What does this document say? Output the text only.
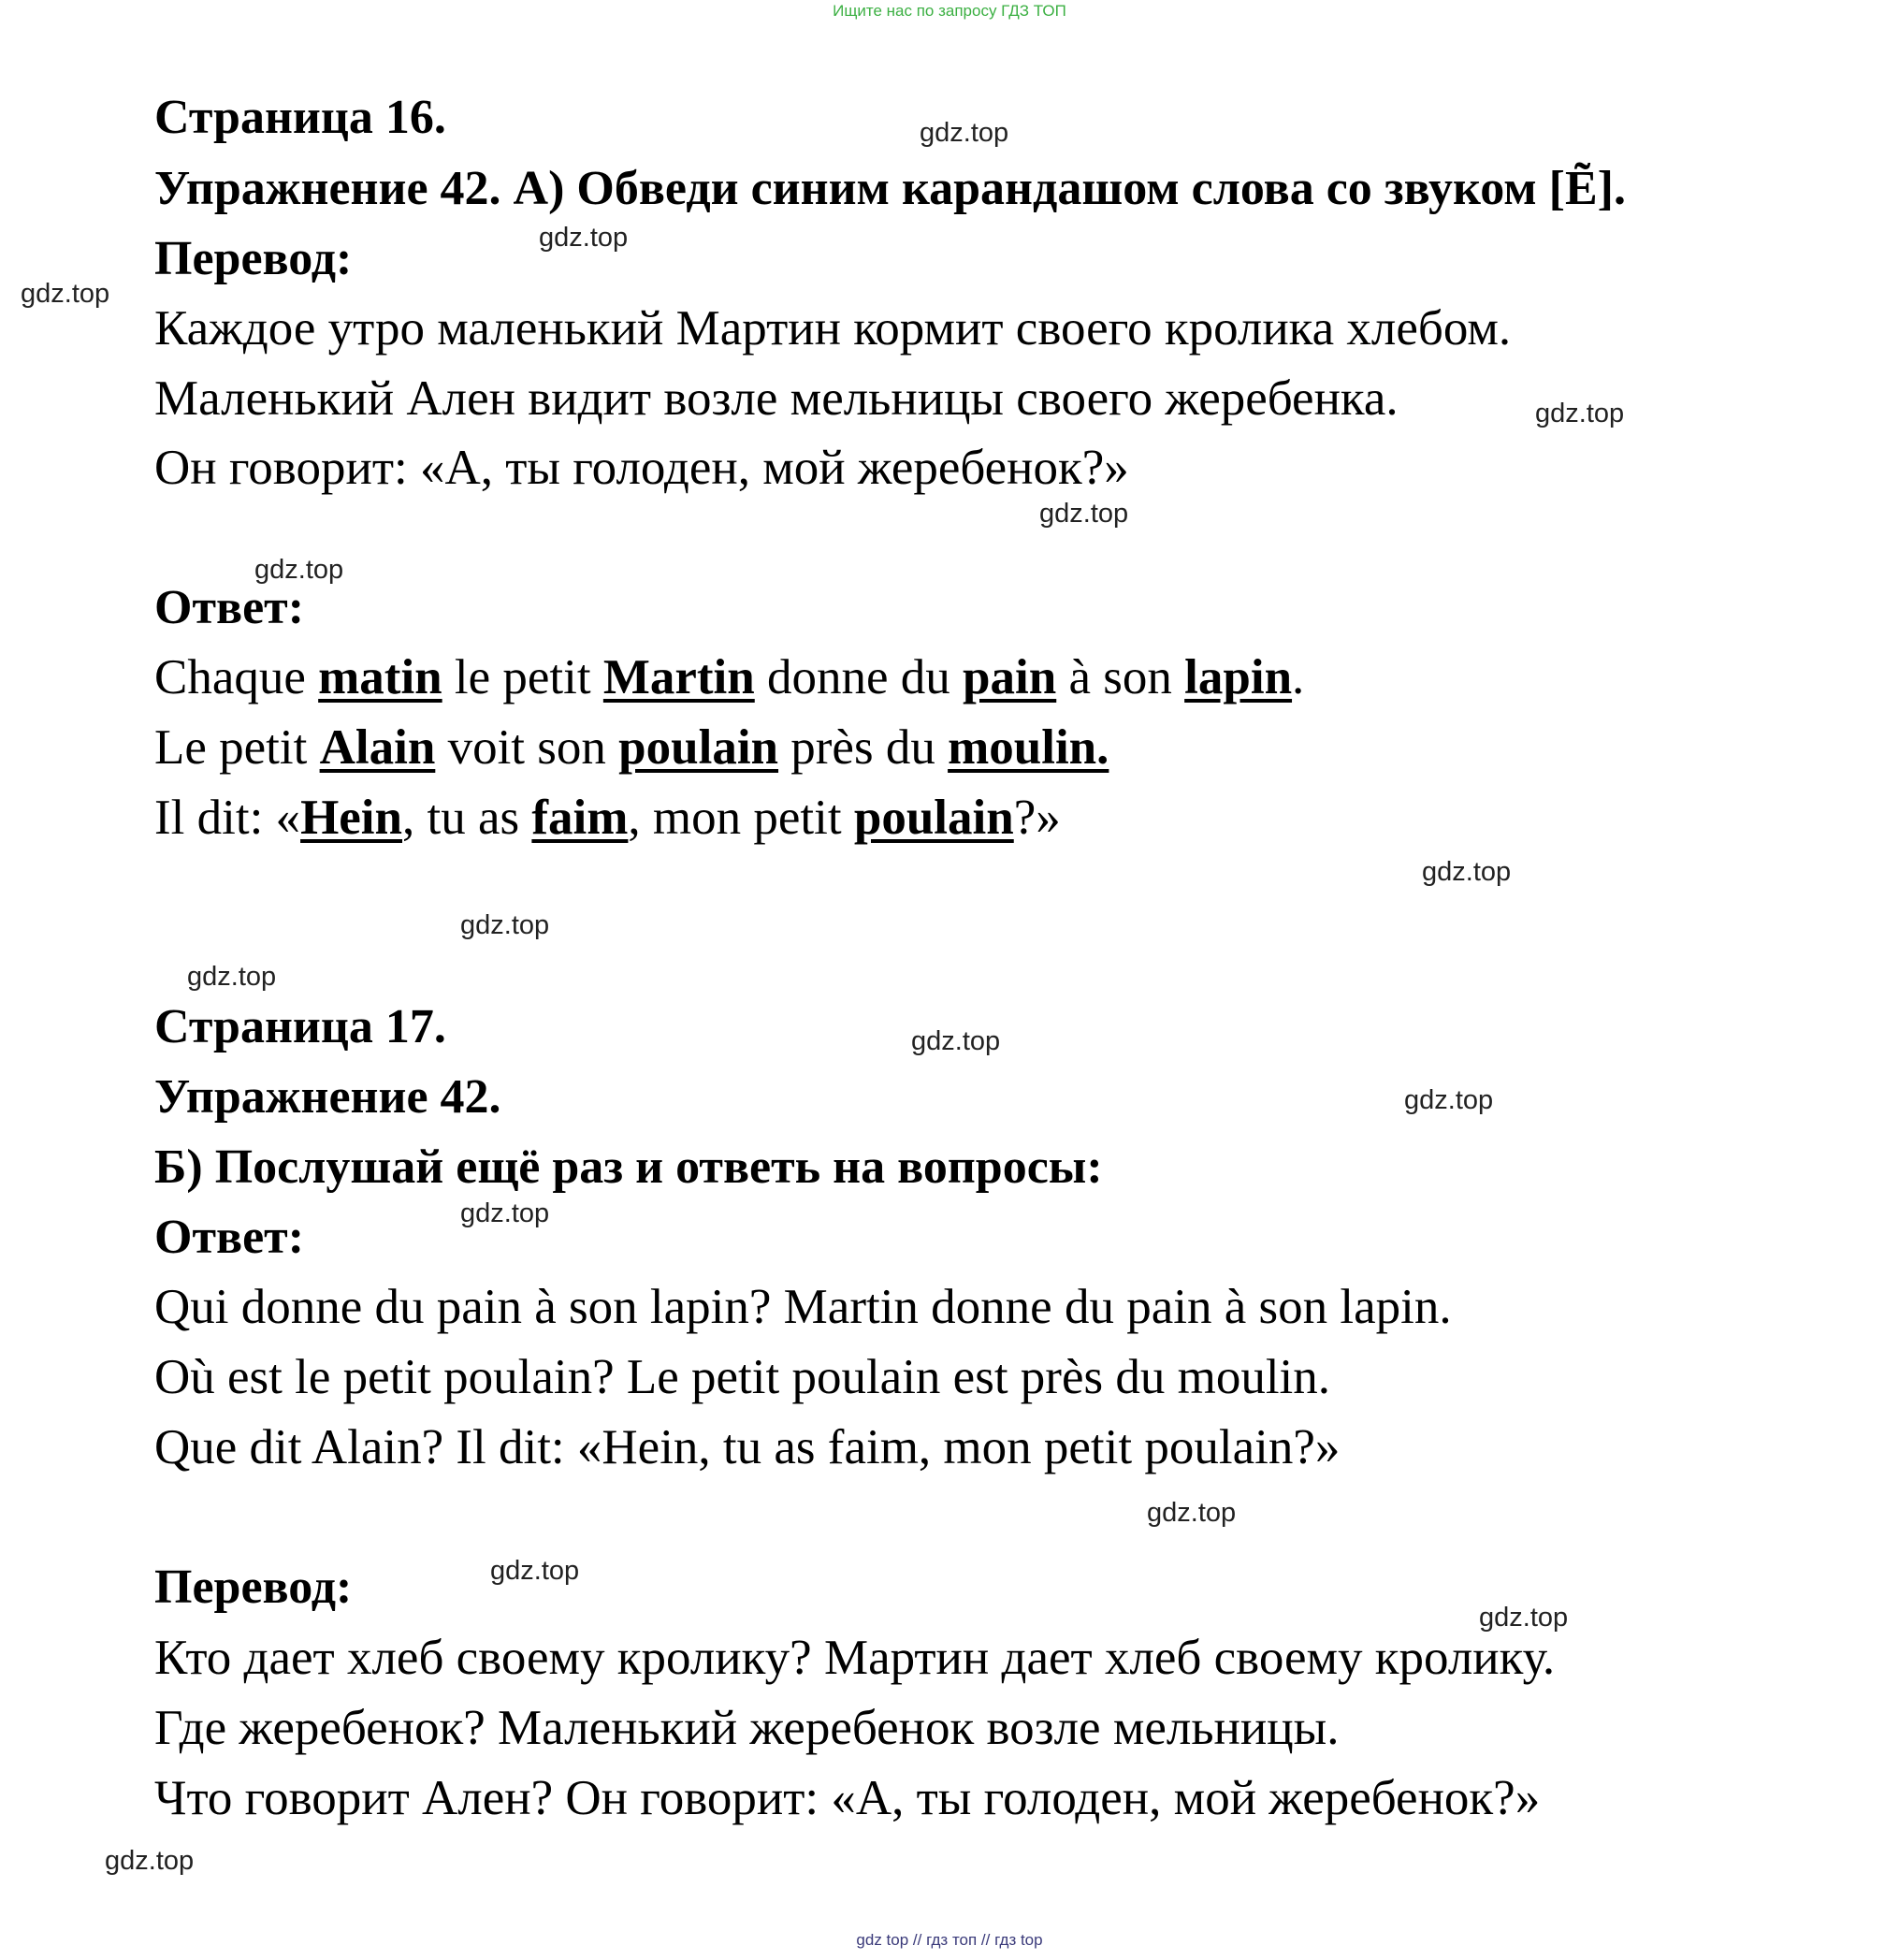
Ищите нас по запросу ГДЗ ТОП
Страница 16.
Упражнение 42. А) Обведи синим карандашом слова со звуком [Ẽ].
Перевод:
Каждое утро маленький Мартин кормит своего кролика хлебом.
Маленький Ален видит возле мельницы своего жеребенка.
Он говорит: «А, ты голоден, мой жеребенок?»
Ответ:
Chaque matin le petit Martin donne du pain à son lapin.
Le petit Alain voit son poulain près du moulin.
Il dit: «Hein, tu as faim, mon petit poulain?»
Страница 17.
Упражнение 42.
Б) Послушай ещё раз и ответь на вопросы:
Ответ:
Qui donne du pain à son lapin? Martin donne du pain à son lapin.
Où est le petit poulain? Le petit poulain est près du moulin.
Que dit Alain? Il dit: «Hein, tu as faim, mon petit poulain?»
Перевод:
Кто дает хлеб своему кролику? Мартин дает хлеб своему кролику.
Где жеребенок? Маленький жеребенок возле мельницы.
Что говорит Ален? Он говорит: «А, ты голоден, мой жеребенок?»
gdz.top
gdz.top
gdz.top
gdz.top
gdz.top
gdz.top
gdz.top
gdz.top
gdz.top
gdz.top
gdz.top
gdz.top
gdz.top
gdz.top
gdz.top
gdz.top
gdz top // гдз топ // гдз top
